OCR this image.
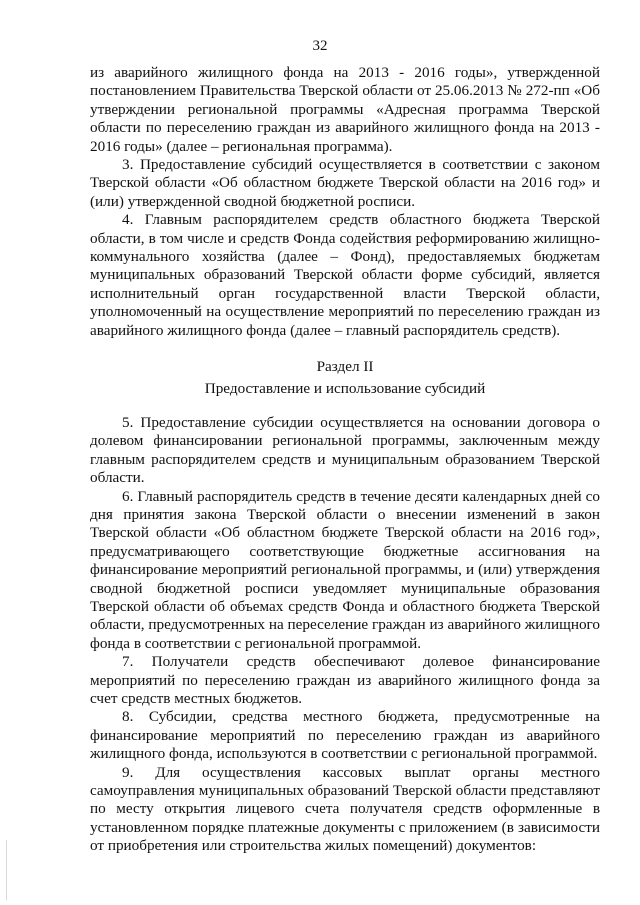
32

из аварийного жилищного фонда на 2013 - 2016 годы», утвержденной постановлением Правительства Тверской области от 25.06.2013 № 272-пп «Об утверждении региональной программы «Адресная программа Тверской области по переселению граждан из аварийного жилищного фонда на 2013 - 2016 годы» (далее – региональная программа).

3. Предоставление субсидий осуществляется в соответствии с законом Тверской области «Об областном бюджете Тверской области на 2016 год» и (или) утвержденной сводной бюджетной росписи.

4. Главным распорядителем средств областного бюджета Тверской области, в том числе и средств Фонда содействия реформированию жилищно-коммунального хозяйства (далее – Фонд), предоставляемых бюджетам муниципальных образований Тверской области форме субсидий, является исполнительный орган государственной власти Тверской области, уполномоченный на осуществление мероприятий по переселению граждан из аварийного жилищного фонда (далее – главный распорядитель средств).

Раздел II

Предоставление и использование субсидий

5. Предоставление субсидии осуществляется на основании договора о долевом финансировании региональной программы, заключенным между главным распорядителем средств и муниципальным образованием Тверской области.

6. Главный распорядитель средств в течение десяти календарных дней со дня принятия закона Тверской области о внесении изменений в закон Тверской области «Об областном бюджете Тверской области на 2016 год», предусматривающего соответствующие бюджетные ассигнования на финансирование мероприятий региональной программы, и (или) утверждения сводной бюджетной росписи уведомляет муниципальные образования Тверской области об объемах средств Фонда и областного бюджета Тверской области, предусмотренных на переселение граждан из аварийного жилищного фонда в соответствии с региональной программой.

7. Получатели средств обеспечивают долевое финансирование мероприятий по переселению граждан из аварийного жилищного фонда за счет средств местных бюджетов.

8. Субсидии, средства местного бюджета, предусмотренные на финансирование мероприятий по переселению граждан из аварийного жилищного фонда, используются в соответствии с региональной программой.

9. Для осуществления кассовых выплат органы местного самоуправления муниципальных образований Тверской области представляют по месту открытия лицевого счета получателя средств оформленные в установленном порядке платежные документы с приложением (в зависимости от приобретения или строительства жилых помещений) документов:
